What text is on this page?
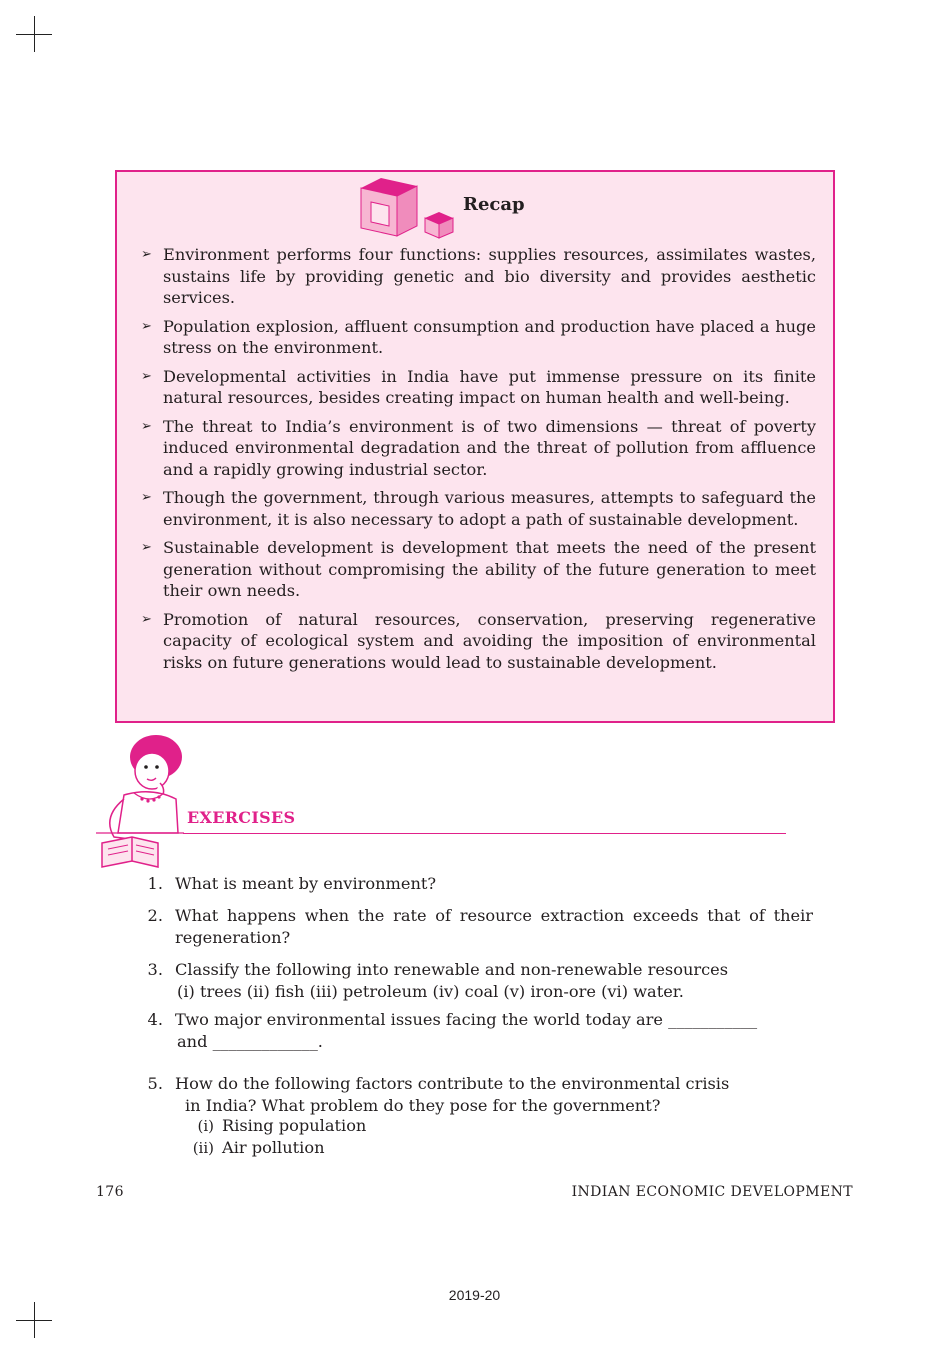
Recap
➢ Environment performs four functions: supplies resources, assimilates wastes, sustains life by providing genetic and bio diversity and provides aesthetic services.
➢ Population explosion, affluent consumption and production have placed a huge stress on the environment.
➢ Developmental activities in India have put immense pressure on its finite natural resources, besides creating impact on human health and well-being.
➢ The threat to India’s environment is of two dimensions — threat of poverty induced environmental degradation and the threat of pollution from affluence and a rapidly growing industrial sector.
➢ Though the government, through various measures, attempts to safeguard the environment, it is also necessary to adopt a path of sustainable development.
➢ Sustainable development is development that meets the need of the present generation without compromising the ability of the future generation to meet their own needs.
➢ Promotion of natural resources, conservation, preserving regenerative capacity of ecological system and avoiding the imposition of environmental risks on future generations would lead to sustainable development.
EXERCISES
1. What is meant by environment?
2. What happens when the rate of resource extraction exceeds that of their regeneration?
3. Classify the following into renewable and non-renewable resources
(i) trees (ii) fish (iii) petroleum (iv) coal (v) iron-ore (vi) water.
4. Two major environmental issues facing the world today are ___________
and _____________.
5. How do the following factors contribute to the environmental crisis
in India? What problem do they pose for the government?
(i) Rising population
(ii) Air pollution
176	INDIAN ECONOMIC DEVELOPMENT
2019-20
